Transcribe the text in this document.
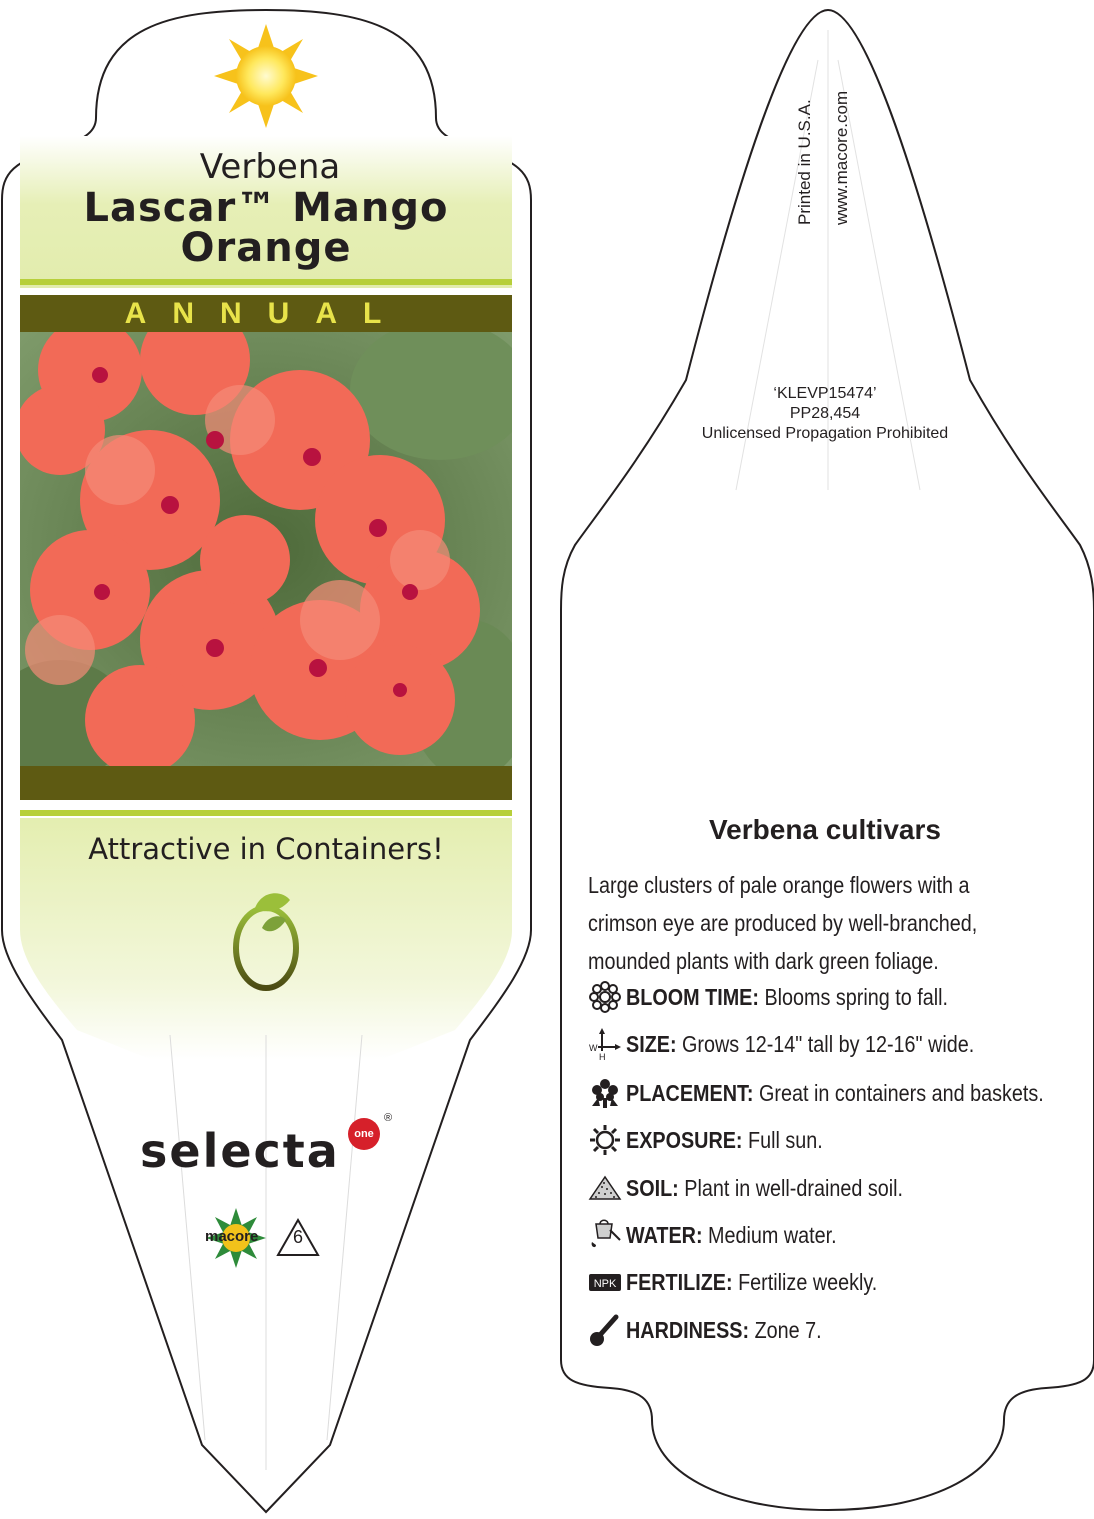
Verbena
Lascar™ Mango
Orange
ANNUAL
Attractive in Containers!
selecta	one
®
macore 6
Printed in U.S.A. www.macore.com
‘KLEVP15474’
PP28,454
Unlicensed Propagation Prohibited
Verbena cultivars
Large clusters of pale orange flowers with a
crimson eye are produced by well-branched,
mounded plants with dark green foliage.
BLOOM TIME: Blooms spring to fall.
W
H
SIZE: Grows 12-14" tall by 12-16" wide.
PLACEMENT: Great in containers and baskets.
EXPOSURE: Full sun.
SOIL: Plant in well-drained soil.
WATER: Medium water.
NPK FERTILIZE: Fertilize weekly.
HARDINESS: Zone 7.
